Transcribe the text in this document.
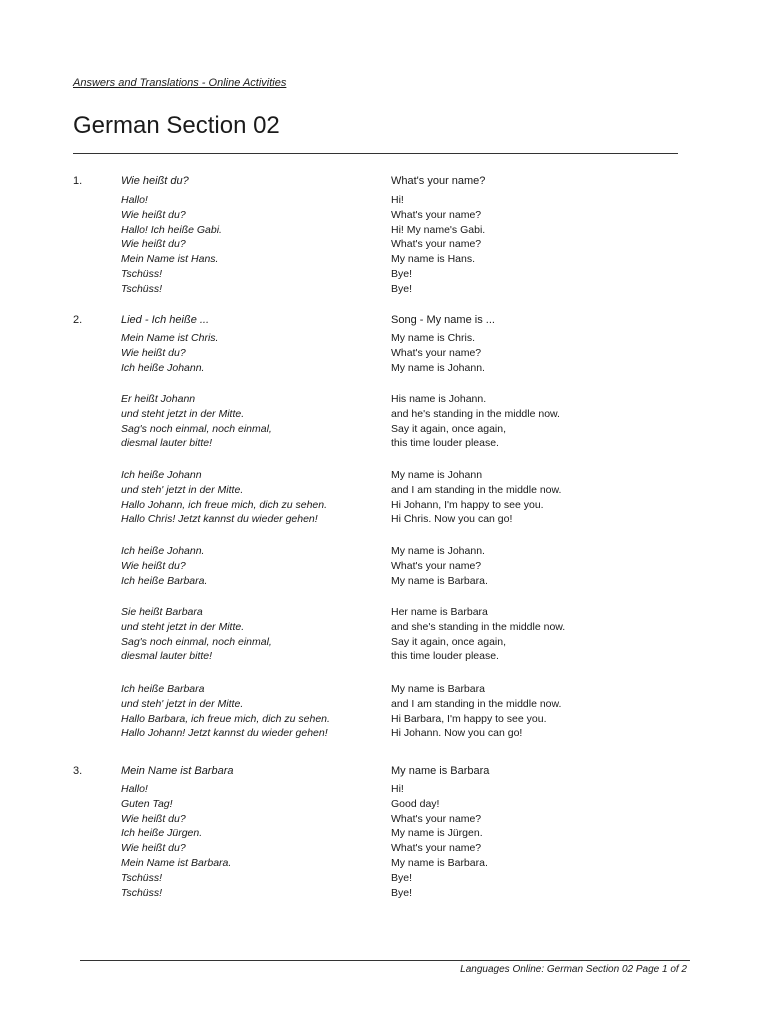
Answers and Translations - Online Activities
German Section 02
1.	Wie heißt du?	What's your name?
Hallo!	Hi!
Wie heißt du?	What's your name?
Hallo! Ich heiße Gabi.	Hi! My name's Gabi.
Wie heißt du?	What's your name?
Mein Name ist Hans.	My name is Hans.
Tschüss!	Bye!
Tschüss!	Bye!
2.	Lied - Ich heiße ...	Song - My name is ...
Mein Name ist Chris.	My name is Chris.
Wie heißt du?	What's your name?
Ich heiße Johann.	My name is Johann.
Er heißt Johann	His name is Johann.
und steht jetzt in der Mitte.	and he's standing in the middle now.
Sag's noch einmal, noch einmal,	Say it again, once again,
diesmal lauter bitte!	this time louder please.
Ich heiße Johann	My name is Johann
und steh' jetzt in der Mitte.	and I am standing in the middle now.
Hallo Johann, ich freue mich, dich zu sehen.	Hi Johann, I'm happy to see you.
Hallo Chris! Jetzt kannst du wieder gehen!	Hi Chris. Now you can go!
Ich heiße Johann.	My name is Johann.
Wie heißt du?	What's your name?
Ich heiße Barbara.	My name is Barbara.
Sie heißt Barbara	Her name is Barbara
und steht jetzt in der Mitte.	and she's standing in the middle now.
Sag's noch einmal, noch einmal,	Say it again, once again,
diesmal lauter bitte!	this time louder please.
Ich heiße Barbara	My name is Barbara
und steh' jetzt in der Mitte.	and I am standing in the middle now.
Hallo Barbara, ich freue mich, dich zu sehen.	Hi Barbara, I'm happy to see you.
Hallo Johann! Jetzt kannst du wieder gehen!	Hi Johann. Now you can go!
3.	Mein Name ist Barbara	My name is Barbara
Hallo!	Hi!
Guten Tag!	Good day!
Wie heißt du?	What's your name?
Ich heiße Jürgen.	My name is Jürgen.
Wie heißt du?	What's your name?
Mein Name ist Barbara.	My name is Barbara.
Tschüss!	Bye!
Tschüss!	Bye!
Languages Online: German Section 02 Page 1 of 2
